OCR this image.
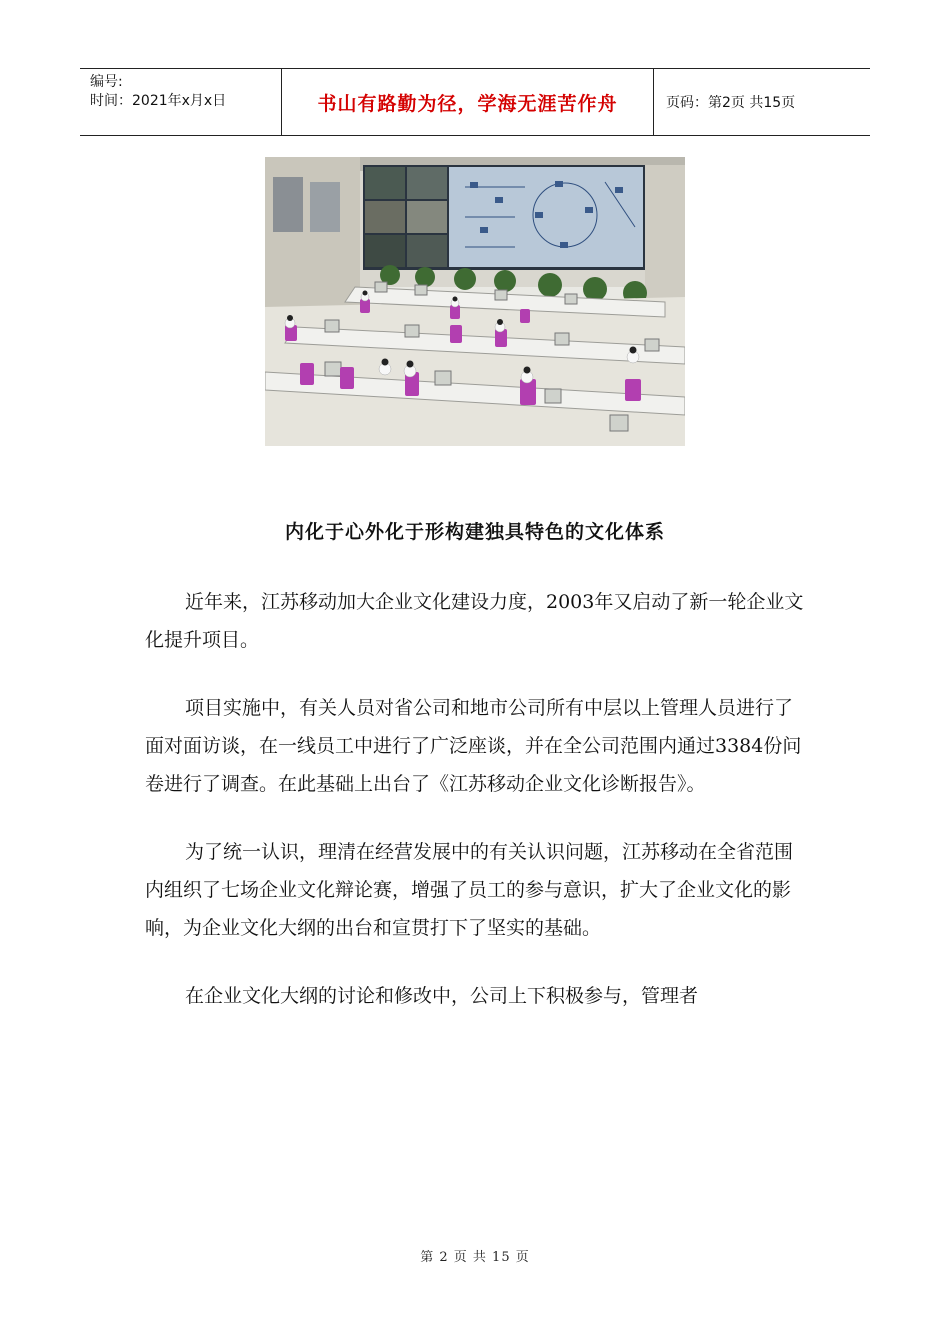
编号:
时间：2021年x月x日	书山有路勤为径，学海无涯苦作舟	页码：第2页 共15页
内化于心外化于形构建独具特色的文化体系

近年来，江苏移动加大企业文化建设力度，2003年又启动了新一轮企业文化提升项目。

项目实施中，有关人员对省公司和地市公司所有中层以上管理人员进行了面对面访谈，在一线员工中进行了广泛座谈，并在全公司范围内通过3384份问卷进行了调查。在此基础上出台了《江苏移动企业文化诊断报告》。

为了统一认识，理清在经营发展中的有关认识问题，江苏移动在全省范围内组织了七场企业文化辩论赛，增强了员工的参与意识，扩大了企业文化的影响，为企业文化大纲的出台和宣贯打下了坚实的基础。

在企业文化大纲的讨论和修改中，公司上下积极参与，管理者

第 2 页 共 15 页
